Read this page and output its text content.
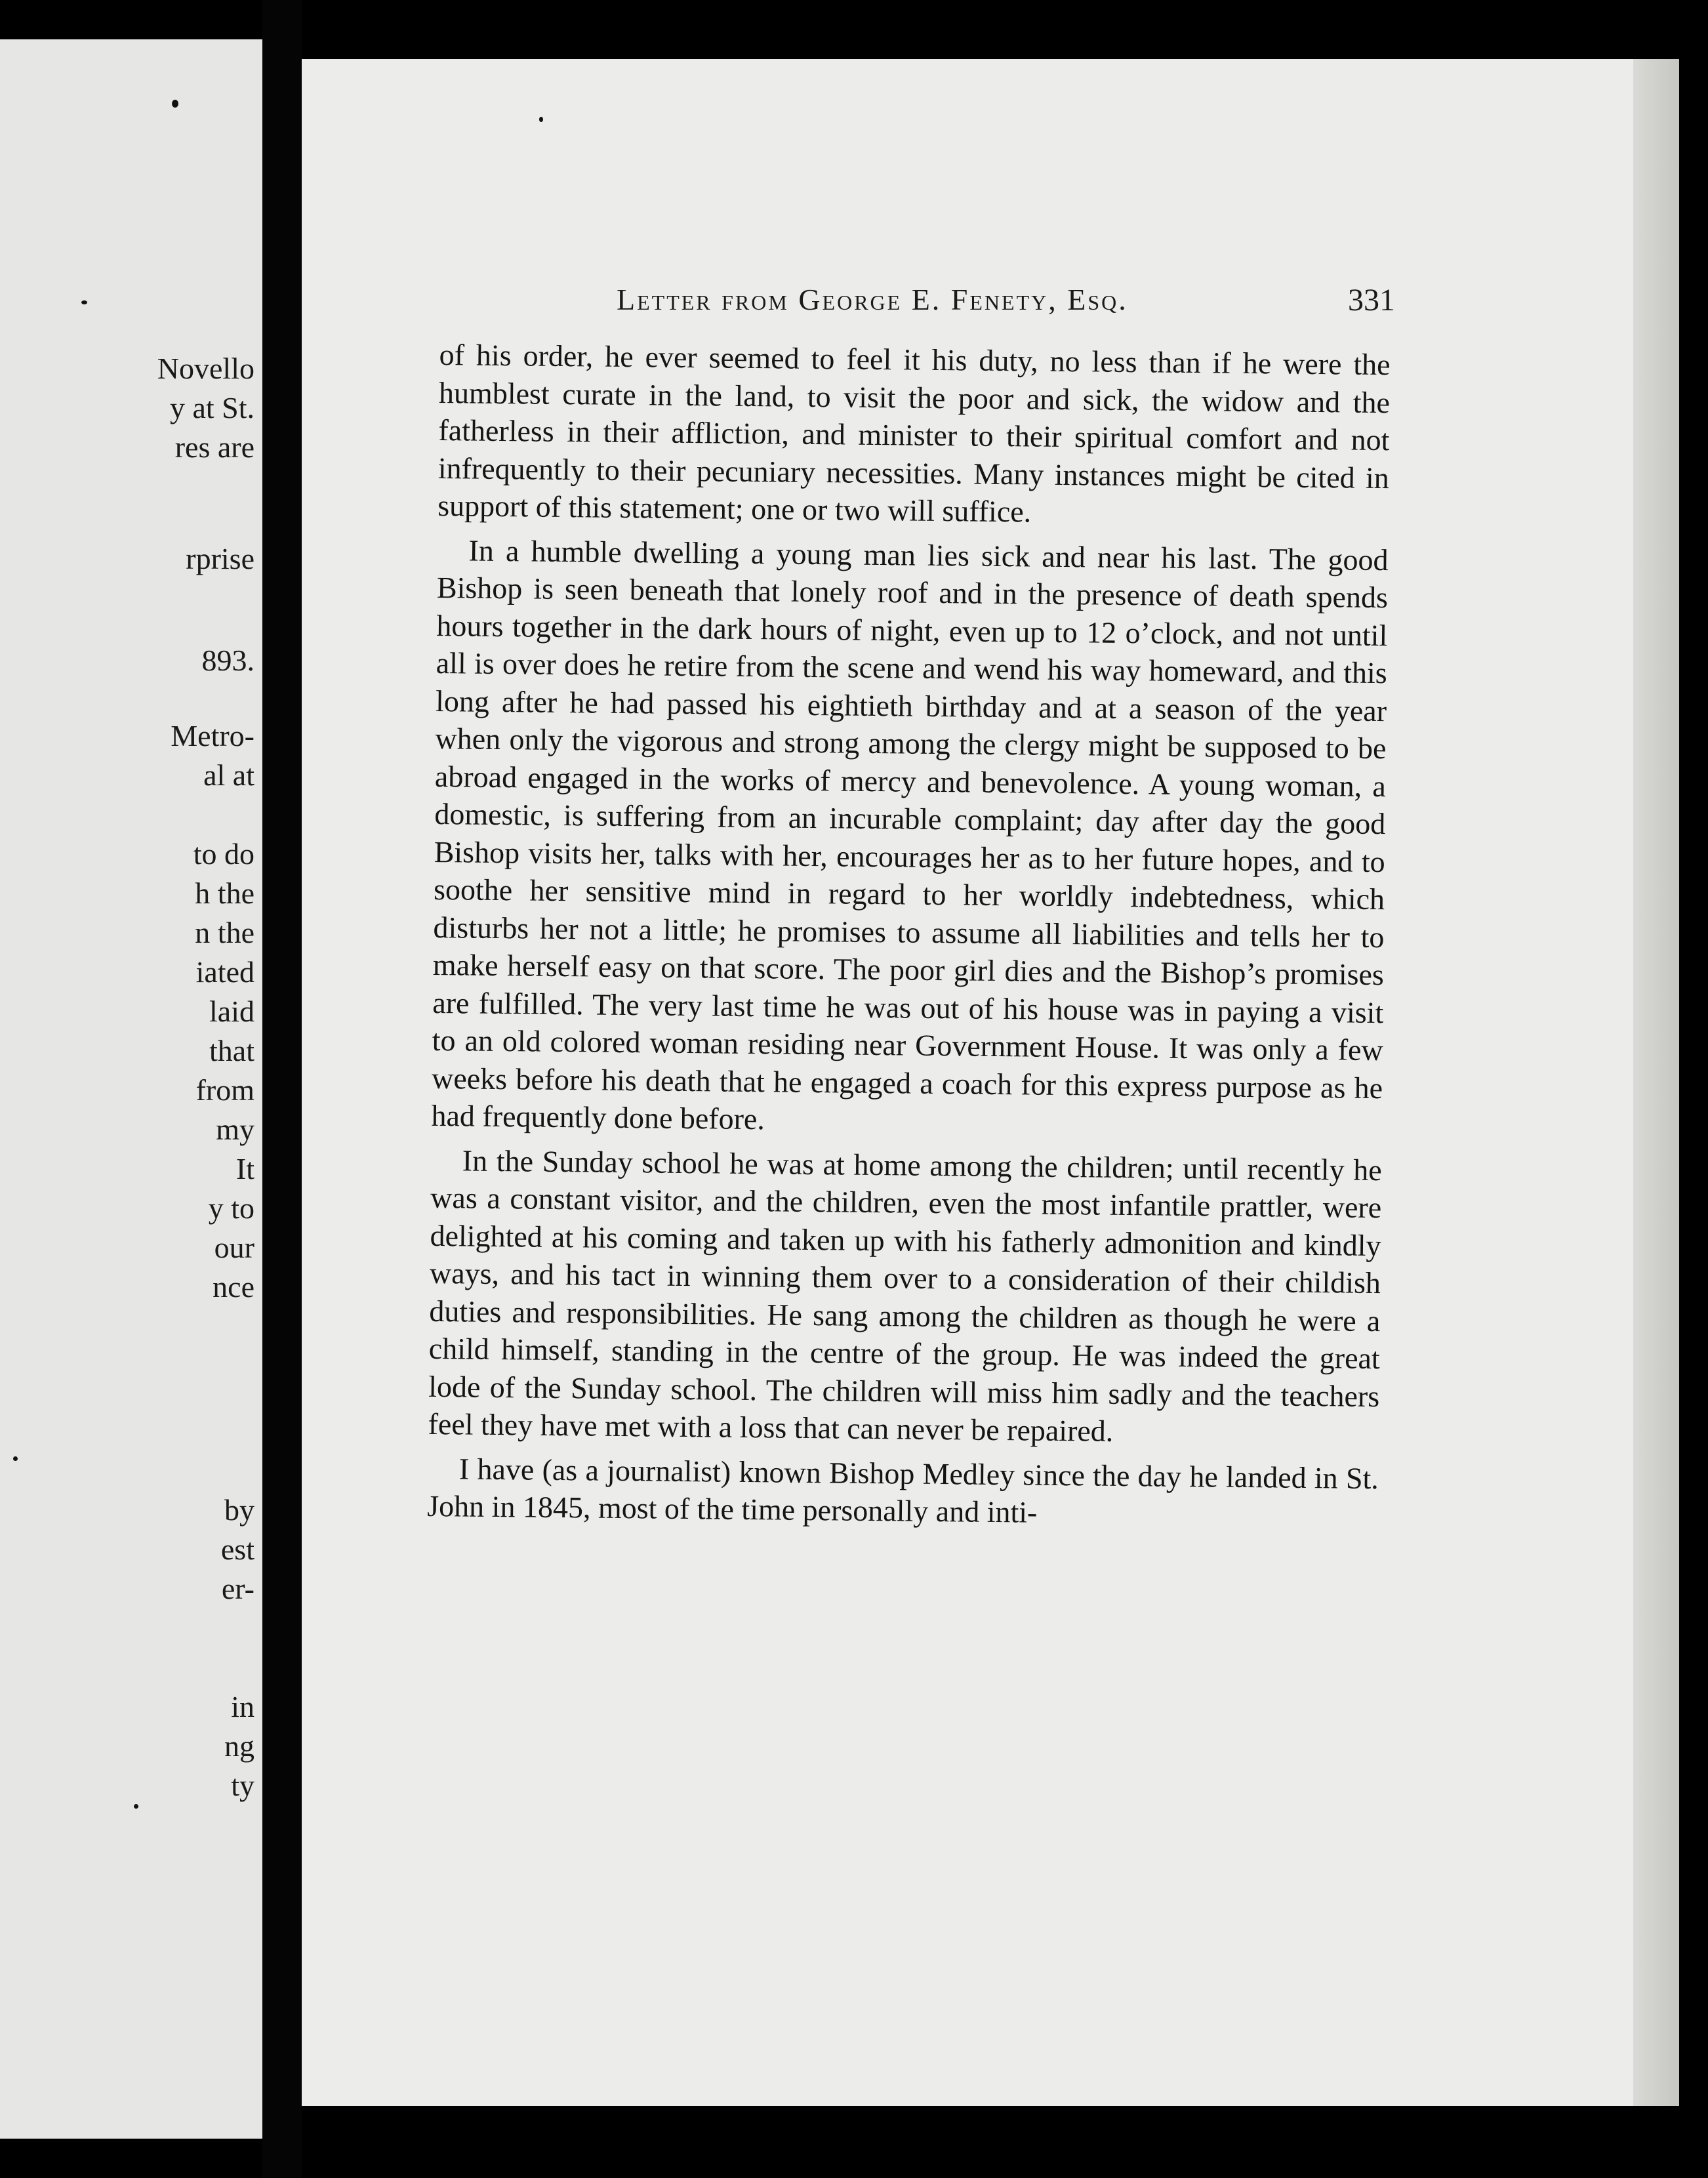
Novello

y at St.

res are

rprise

893.

Metro-

al at

to do

h the

n the

iated

laid

that

from

my

It

y to

our

nce

by

est

er-

in

ng

ty

Letter from George E. Fenety, Esq.	331

of his order, he ever seemed to feel it his duty, no less than if he were the humblest curate in the land, to visit the poor and sick, the widow and the fatherless in their affliction, and minister to their spiritual comfort and not infrequently to their pecuniary necessities. Many instances might be cited in support of this statement; one or two will suffice.

In a humble dwelling a young man lies sick and near his last. The good Bishop is seen beneath that lonely roof and in the presence of death spends hours together in the dark hours of night, even up to 12 o’clock, and not until all is over does he retire from the scene and wend his way homeward, and this long after he had passed his eightieth birthday and at a season of the year when only the vigorous and strong among the clergy might be supposed to be abroad engaged in the works of mercy and benevolence. A young woman, a domestic, is suffering from an incurable complaint; day after day the good Bishop visits her, talks with her, encourages her as to her future hopes, and to soothe her sensitive mind in regard to her worldly indebtedness, which disturbs her not a little; he promises to assume all liabilities and tells her to make herself easy on that score. The poor girl dies and the Bishop’s promises are fulfilled. The very last time he was out of his house was in paying a visit to an old colored woman residing near Government House. It was only a few weeks before his death that he engaged a coach for this express purpose as he had frequently done before.

In the Sunday school he was at home among the children; until recently he was a constant visitor, and the children, even the most infantile prattler, were delighted at his coming and taken up with his fatherly admonition and kindly ways, and his tact in winning them over to a consideration of their childish duties and responsibilities. He sang among the children as though he were a child himself, standing in the centre of the group. He was indeed the great lode of the Sunday school. The children will miss him sadly and the teachers feel they have met with a loss that can never be repaired.

I have (as a journalist) known Bishop Medley since the day he landed in St. John in 1845, most of the time personally and inti-
